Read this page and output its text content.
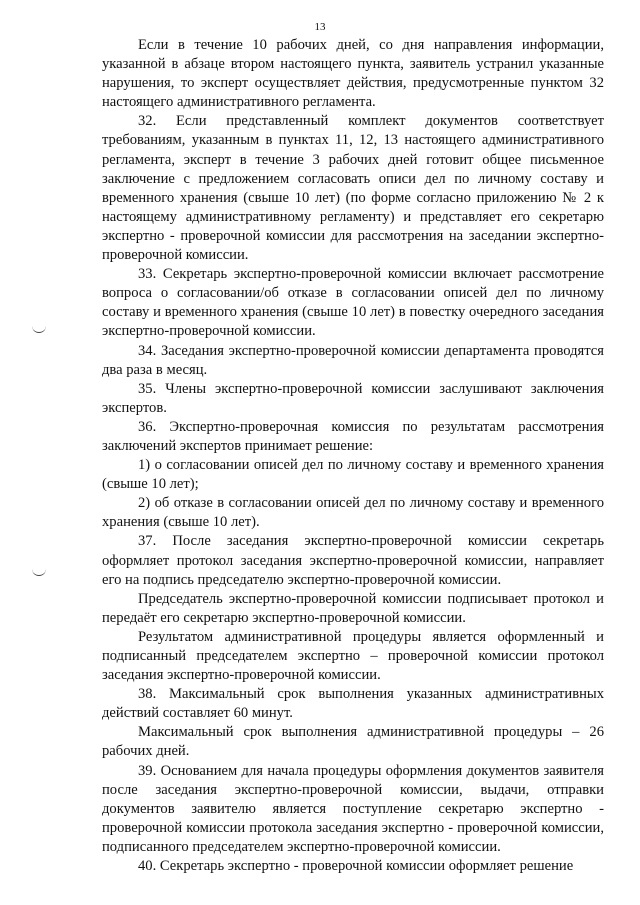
13

Если в течение 10 рабочих дней, со дня направления информации, указанной в абзаце втором настоящего пункта, заявитель устранил указанные нарушения, то эксперт осуществляет действия, предусмотренные пунктом 32 настоящего административного регламента.

32. Если представленный комплект документов соответствует требованиям, указанным в пунктах 11, 12, 13 настоящего административного регламента, эксперт в течение 3 рабочих дней готовит общее письменное заключение с предложением согласовать описи дел по личному составу и временного хранения (свыше 10 лет) (по форме согласно приложению № 2 к настоящему административному регламенту) и представляет его секретарю экспертно - проверочной комиссии для рассмотрения на заседании экспертно-проверочной комиссии.

33. Секретарь экспертно-проверочной комиссии включает рассмотрение вопроса о согласовании/об отказе в согласовании описей дел по личному составу и временного хранения (свыше 10 лет) в повестку очередного заседания экспертно-проверочной комиссии.

34. Заседания экспертно-проверочной комиссии департамента проводятся два раза в месяц.

35. Члены экспертно-проверочной комиссии заслушивают заключения экспертов.

36. Экспертно-проверочная комиссия по результатам рассмотрения заключений экспертов принимает решение:

1) о согласовании описей дел по личному составу и временного хранения (свыше 10 лет);

2) об отказе в согласовании описей дел по личному составу и временного хранения (свыше 10 лет).

37. После заседания экспертно-проверочной комиссии секретарь оформляет протокол заседания экспертно-проверочной комиссии, направляет его на подпись председателю экспертно-проверочной комиссии.

Председатель экспертно-проверочной комиссии подписывает протокол и передаёт его секретарю экспертно-проверочной комиссии.

Результатом административной процедуры является оформленный и подписанный председателем экспертно – проверочной комиссии протокол заседания экспертно-проверочной комиссии.

38. Максимальный срок выполнения указанных административных действий составляет 60 минут.

Максимальный срок выполнения административной процедуры – 26 рабочих дней.

39. Основанием для начала процедуры оформления документов заявителя после заседания экспертно-проверочной комиссии, выдачи, отправки документов заявителю является поступление секретарю экспертно - проверочной комиссии протокола заседания экспертно - проверочной комиссии, подписанного председателем экспертно-проверочной комиссии.

40. Секретарь экспертно - проверочной комиссии оформляет решение
